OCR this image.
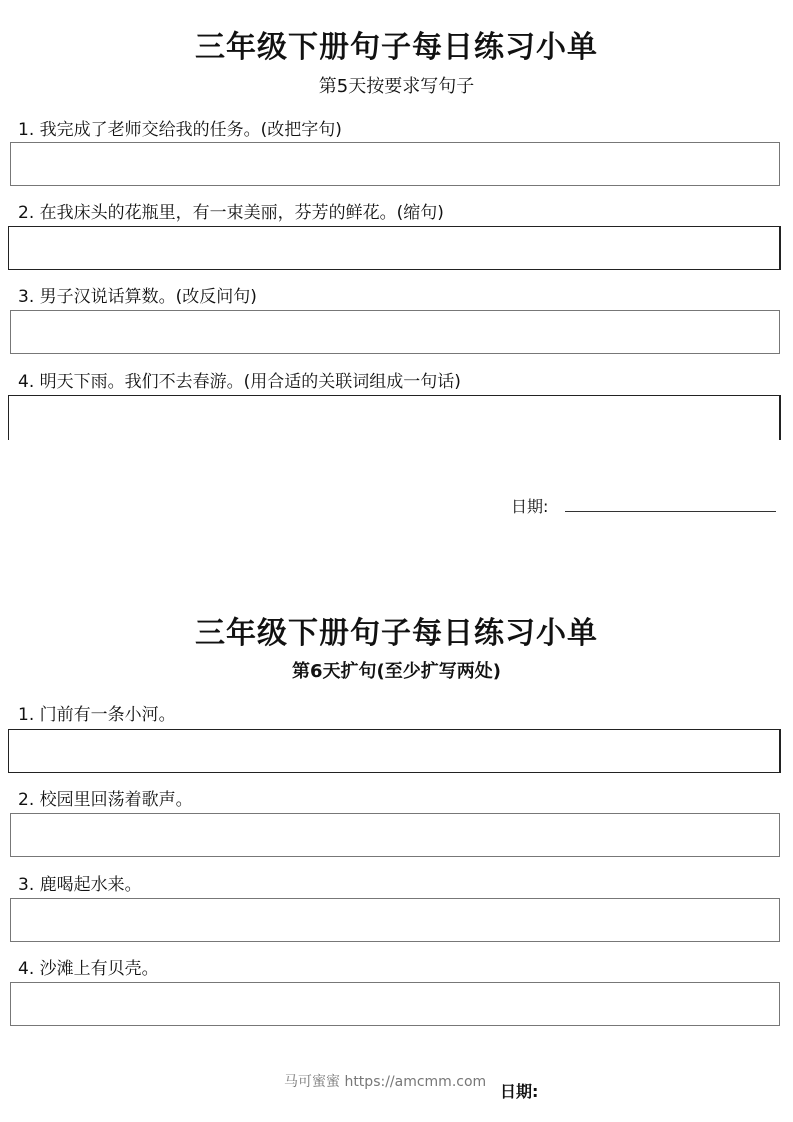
三年级下册句子每日练习小单
第5天按要求写句子
1. 我完成了老师交给我的任务。(改把字句)
2. 在我床头的花瓶里，有一束美丽，芬芳的鲜花。(缩句)
3. 男子汉说话算数。(改反问句)
4. 明天下雨。我们不去春游。(用合适的关联词组成一句话)
日期:
三年级下册句子每日练习小单
第6天扩句(至少扩写两处)
1. 门前有一条小河。
2. 校园里回荡着歌声。
3. 鹿喝起水来。
4. 沙滩上有贝壳。
马可蜜蜜 https://amcmm.com 日期:
